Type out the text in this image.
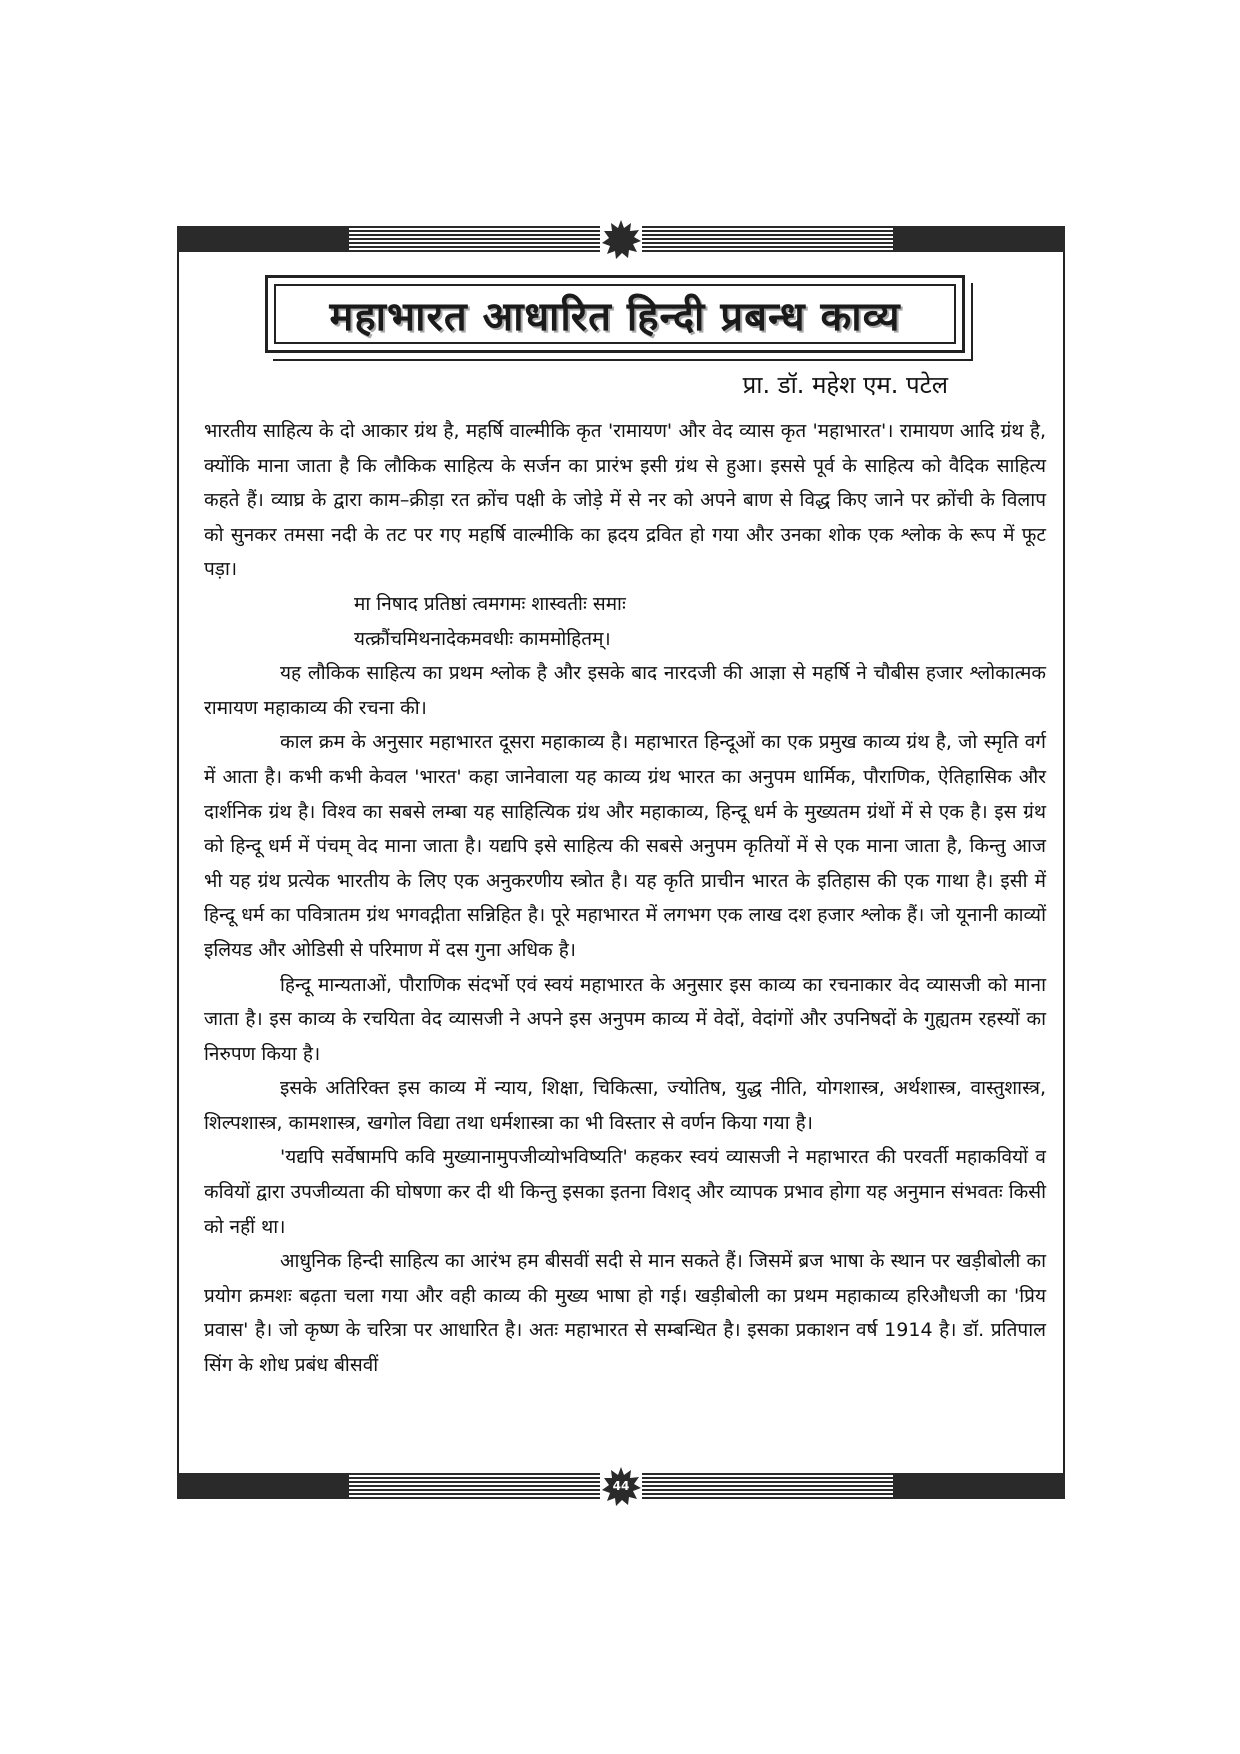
महाभारत आधारित हिन्दी प्रबन्ध काव्य
प्रा. डॉ. महेश एम. पटेल

भारतीय साहित्य के दो आकार ग्रंथ है, महर्षि वाल्मीकि कृत 'रामायण' और वेद व्यास कृत 'महाभारत'। रामायण आदि ग्रंथ है, क्योंकि माना जाता है कि लौकिक साहित्य के सर्जन का प्रारंभ इसी ग्रंथ से हुआ। इससे पूर्व के साहित्य को वैदिक साहित्य कहते हैं। व्याघ्र के द्वारा काम–क्रीड़ा रत क्रोंच पक्षी के जोड़े में से नर को अपने बाण से विद्ध किए जाने पर क्रोंची के विलाप को सुनकर तमसा नदी के तट पर गए महर्षि वाल्मीकि का ह्रदय द्रवित हो गया और उनका शोक एक श्लोक के रूप में फूट पड़ा।

मा निषाद प्रतिष्ठां त्वमगमः शास्वतीः समाः

यत्क्रौंचमिथनादेकमवधीः काममोहितम्।

यह लौकिक साहित्य का प्रथम श्लोक है और इसके बाद नारदजी की आज्ञा से महर्षि ने चौबीस हजार श्लोकात्मक रामायण महाकाव्य की रचना की।

काल क्रम के अनुसार महाभारत दूसरा महाकाव्य है। महाभारत हिन्दूओं का एक प्रमुख काव्य ग्रंथ है, जो स्मृति वर्ग में आता है। कभी कभी केवल 'भारत' कहा जानेवाला यह काव्य ग्रंथ भारत का अनुपम धार्मिक, पौराणिक, ऐतिहासिक और दार्शनिक ग्रंथ है। विश्व का सबसे लम्बा यह साहित्यिक ग्रंथ और महाकाव्य, हिन्दू धर्म के मुख्यतम ग्रंथों में से एक है। इस ग्रंथ को हिन्दू धर्म में पंचम् वेद माना जाता है। यद्यपि इसे साहित्य की सबसे अनुपम कृतियों में से एक माना जाता है, किन्तु आज भी यह ग्रंथ प्रत्येक भारतीय के लिए एक अनुकरणीय स्त्रोत है। यह कृति प्राचीन भारत के इतिहास की एक गाथा है। इसी में हिन्दू धर्म का पवित्रातम ग्रंथ भगवद्गीता सन्निहित है। पूरे महाभारत में लगभग एक लाख दश हजार श्लोक हैं। जो यूनानी काव्यों इलियड और ओडिसी से परिमाण में दस गुना अधिक है।

हिन्दू मान्यताओं, पौराणिक संदर्भो एवं स्वयं महाभारत के अनुसार इस काव्य का रचनाकार वेद व्यासजी को माना जाता है। इस काव्य के रचयिता वेद व्यासजी ने अपने इस अनुपम काव्य में वेदों, वेदांगों और उपनिषदों के गुह्यतम रहस्यों का निरुपण किया है।

इसके अतिरिक्त इस काव्य में न्याय, शिक्षा, चिकित्सा, ज्योतिष, युद्ध नीति, योगशास्त्र, अर्थशास्त्र, वास्तुशास्त्र, शिल्पशास्त्र, कामशास्त्र, खगोल विद्या तथा धर्मशास्त्रा का भी विस्तार से वर्णन किया गया है।

'यद्यपि सर्वेषामपि कवि मुख्यानामुपजीव्योभविष्यति' कहकर स्वयं व्यासजी ने महाभारत की परवर्ती महाकवियों व कवियों द्वारा उपजीव्यता की घोषणा कर दी थी किन्तु इसका इतना विशद् और व्यापक प्रभाव होगा यह अनुमान संभवतः किसी को नहीं था।

आधुनिक हिन्दी साहित्य का आरंभ हम बीसवीं सदी से मान सकते हैं। जिसमें ब्रज भाषा के स्थान पर खड़ीबोली का प्रयोग क्रमशः बढ़ता चला गया और वही काव्य की मुख्य भाषा हो गई। खड़ीबोली का प्रथम महाकाव्य हरिऔधजी का 'प्रिय प्रवास' है। जो कृष्ण के चरित्रा पर आधारित है। अतः महाभारत से सम्बन्धित है। इसका प्रकाशन वर्ष 1914 है। डॉ. प्रतिपाल सिंग के शोध प्रबंध बीसवीं

44
